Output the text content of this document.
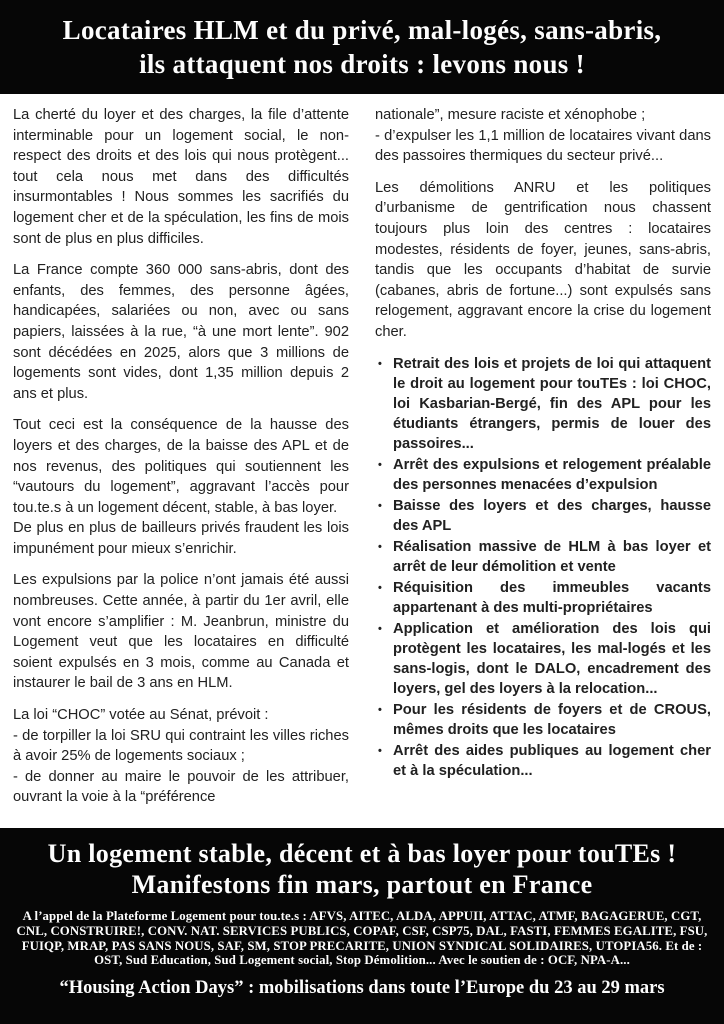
Locataires HLM et du privé, mal-logés, sans-abris,
ils attaquent nos droits : levons nous !
La cherté du loyer et des charges, la file d’attente interminable pour un logement social, le non-respect des droits et des lois qui nous protègent... tout cela nous met dans des difficultés insurmontables ! Nous sommes les sacrifiés du logement cher et de la spéculation, les fins de mois sont de plus en plus difficiles.
La France compte 360 000 sans-abris, dont des enfants, des femmes, des personne âgées, handicapées, salariées ou non, avec ou sans papiers, laissées à la rue, “à une mort lente”. 902 sont décédées en 2025, alors que 3 millions de logements sont vides, dont 1,35 million depuis 2 ans et plus.
Tout ceci est la conséquence de la hausse des loyers et des charges, de la baisse des APL et de nos revenus, des politiques qui soutiennent les “vautours du logement”, aggravant l’accès pour tou.te.s à un logement décent, stable, à bas loyer.
De plus en plus de bailleurs privés fraudent les lois impunément pour mieux s’enrichir.
Les expulsions par la police n’ont jamais été aussi nombreuses. Cette année, à partir du 1er avril, elle vont encore s’amplifier : M. Jeanbrun, ministre du Logement veut que les locataires en difficulté soient expulsés en 3 mois, comme au Canada et instaurer le bail de 3 ans en HLM.
La loi “CHOC” votée au Sénat, prévoit :
- de torpiller la loi SRU qui contraint les villes riches à avoir 25% de logements sociaux ;
- de donner au maire le pouvoir de les attribuer, ouvrant la voie à la “préférence
nationale”, mesure raciste et xénophobe ;
- d’expulser les 1,1 million de locataires vivant dans des passoires thermiques du secteur privé...
Les démolitions ANRU et les politiques d’urbanisme de gentrification nous chassent toujours plus loin des centres : locataires modestes, résidents de foyer, jeunes, sans-abris, tandis que les occupants d’habitat de survie (cabanes, abris de fortune...) sont expulsés sans relogement, aggravant encore la crise du logement cher.
• Retrait des lois et projets de loi qui attaquent le droit au logement pour touTEs : loi CHOC, loi Kasbarian-Bergé, fin des APL pour les étudiants étrangers, permis de louer des passoires...
• Arrêt des expulsions et relogement préalable des personnes menacées d’expulsion
• Baisse des loyers et des charges, hausse des APL
• Réalisation massive de HLM à bas loyer et arrêt de leur démolition et vente
• Réquisition des immeubles vacants appartenant à des multi-propriétaires
• Application et amélioration des lois qui protègent les locataires, les mal-logés et les sans-logis, dont le DALO, encadrement des loyers, gel des loyers à la relocation...
• Pour les résidents de foyers et de CROUS, mêmes droits que les locataires
• Arrêt des aides publiques au logement cher et à la spéculation...
Un logement stable, décent et à bas loyer pour touTEs !
Manifestons fin mars, partout en France
A l’appel de la Plateforme Logement pour tou.te.s : AFVS, AITEC, ALDA, APPUII, ATTAC, ATMF, BAGAGERUE, CGT, CNL, CONSTRUIRE!, CONV. NAT. SERVICES PUBLICS, COPAF, CSF, CSP75, DAL, FASTI, FEMMES EGALITE, FSU, FUIQP, MRAP, PAS SANS NOUS, SAF, SM, STOP PRECARITE, UNION SYNDICAL SOLIDAIRES, UTOPIA56. Et de : OST, Sud Education, Sud Logement social, Stop Démolition... Avec le soutien de : OCF, NPA-A...
“Housing Action Days” : mobilisations dans toute l’Europe du 23 au 29 mars
